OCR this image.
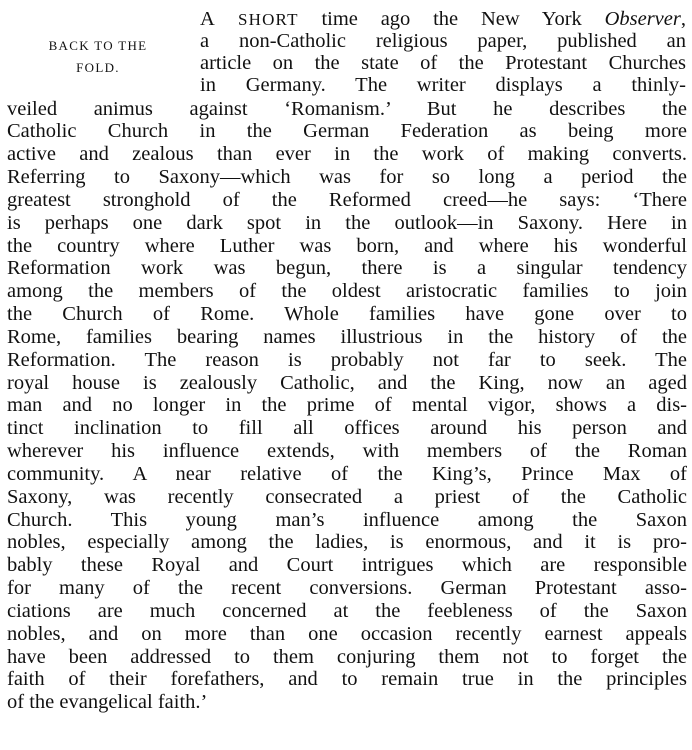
BACK TO THE
FOLD.
A SHORT time ago the New York Observer,
a non-Catholic religious paper, published an
article on the state of the Protestant Churches
in Germany. The writer displays a thinly-
veiled animus against ‘Romanism.’ But he describes the
Catholic Church in the German Federation as being more
active and zealous than ever in the work of making converts.
Referring to Saxony—which was for so long a period the
greatest stronghold of the Reformed creed—he says: ‘There
is perhaps one dark spot in the outlook—in Saxony. Here in
the country where Luther was born, and where his wonderful
Reformation work was begun, there is a singular tendency
among the members of the oldest aristocratic families to join
the Church of Rome. Whole families have gone over to
Rome, families bearing names illustrious in the history of the
Reformation. The reason is probably not far to seek. The
royal house is zealously Catholic, and the King, now an aged
man and no longer in the prime of mental vigor, shows a dis-
tinct inclination to fill all offices around his person and
wherever his influence extends, with members of the Roman
community. A near relative of the King’s, Prince Max of
Saxony, was recently consecrated a priest of the Catholic
Church. This young man’s influence among the Saxon
nobles, especially among the ladies, is enormous, and it is pro-
bably these Royal and Court intrigues which are responsible
for many of the recent conversions. German Protestant asso-
ciations are much concerned at the feebleness of the Saxon
nobles, and on more than one occasion recently earnest appeals
have been addressed to them conjuring them not to forget the
faith of their forefathers, and to remain true in the principles
of the evangelical faith.’
